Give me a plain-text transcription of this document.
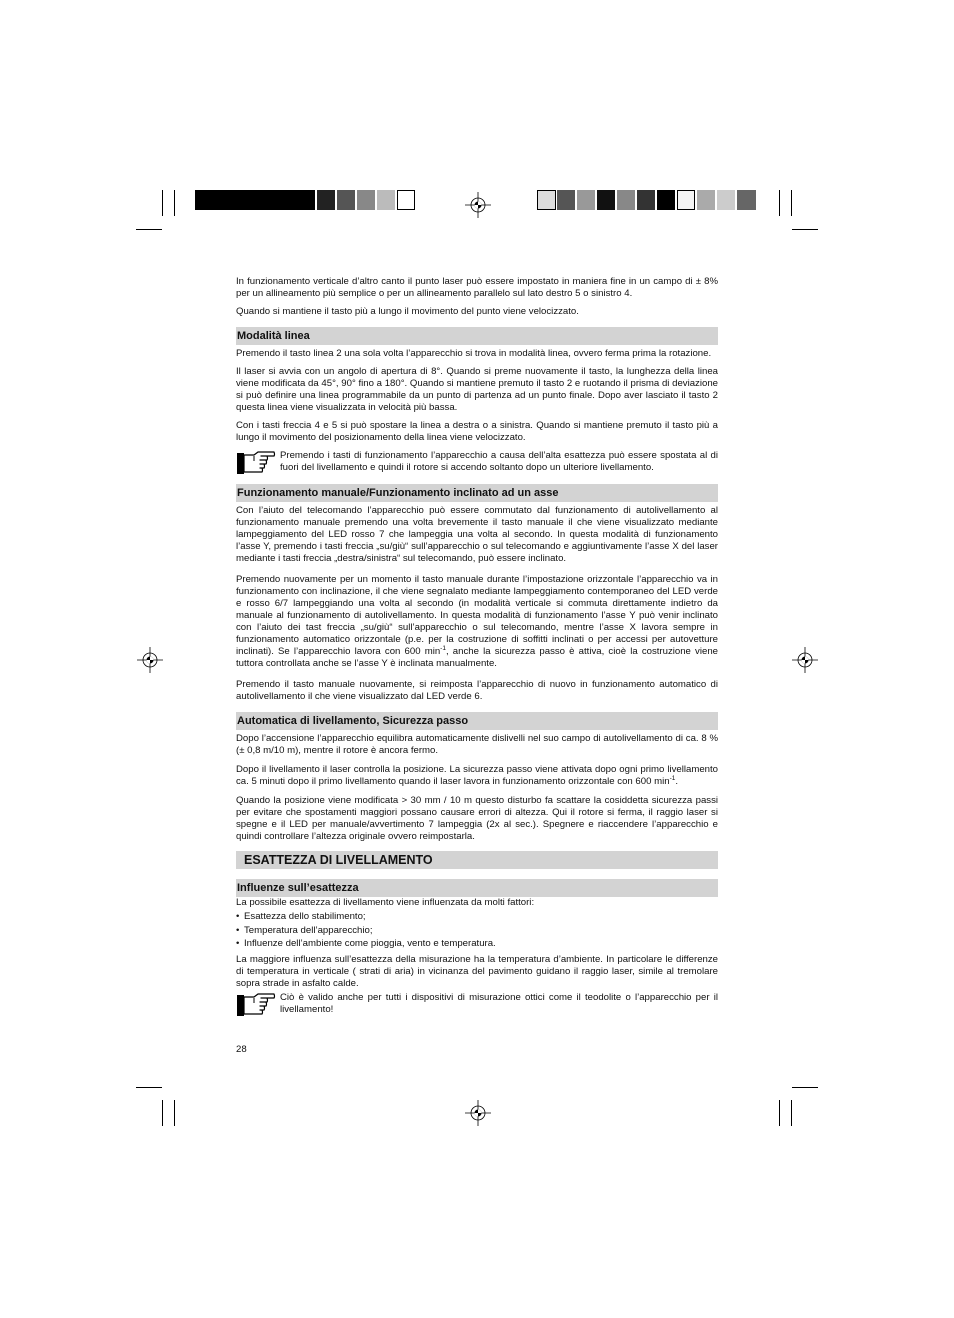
In funzionamento verticale d’altro canto il punto laser può essere impostato in maniera fine in un campo di ± 8% per un allineamento più semplice o per un allineamento parallelo sul lato destro 5 o sinistro 4.

Quando si mantiene il tasto più a lungo il movimento del punto viene velocizzato.

Modalità linea

Premendo il tasto linea 2 una sola volta l’apparecchio si trova in modalità linea, ovvero ferma prima la rotazione.

Il laser si avvia con un angolo di apertura di 8°. Quando si preme nuovamente il tasto, la lunghezza della linea viene modificata da 45°, 90° fino a 180°. Quando si mantiene premuto il tasto 2 e ruotando il prisma di deviazione si può definire una linea programmabile da un punto di partenza ad un punto finale. Dopo aver lasciato il tasto 2 questa linea viene visualizzata in velocità più bassa.

Con i tasti freccia 4 e 5 si può spostare la linea a destra o a sinistra. Quando si mantiene premuto il tasto più a lungo il movimento del posizionamento della linea viene velocizzato.

Premendo i tasti di funzionamento l’apparecchio a causa dell’alta esattezza può essere spostata al di fuori del livellamento e quindi il rotore si accendo soltanto dopo un ulteriore livellamento.

Funzionamento manuale/Funzionamento inclinato ad un asse

Con l’aiuto del telecomando l’apparecchio può essere commutato dal funzionamento di autolivellamento al funzionamento manuale premendo una volta brevemente il tasto manuale il che viene visualizzato mediante lampeggiamento del LED rosso 7 che lampeggia una volta al secondo. In questa modalità di funzionamento l’asse Y, premendo i tasti freccia „su/giù“ sull’apparecchio o sul telecomando e aggiuntivamente l’asse X del laser mediante i tasti freccia „destra/sinistra“ sul telecomando, può essere inclinato.

Premendo nuovamente per un momento il tasto manuale durante l’impostazione orizzontale l’apparecchio va in funzionamento con inclinazione, il che viene segnalato mediante lampeggiamento contemporaneo del LED verde e rosso 6/7 lampeggiando una volta al secondo (in modalità verticale si commuta direttamente indietro da manuale al funzionamento di autolivellamento. In questa modalità di funzionamento l’asse Y può venir inclinato con l’aiuto dei tast freccia „su/giù“ sull’apparecchio o sul telecomando, mentre l’asse X lavora sempre in funzionamento automatico orizzontale (p.e. per la costruzione di soffitti inclinati o per accessi per autovetture inclinati). Se l’apparecchio lavora con 600 $\min^{-1}$, anche la sicurezza passo è attiva, cioè la costruzione viene tuttora controllata anche se l’asse Y è inclinata manualmente.

Premendo il tasto manuale nuovamente, si reimposta l’apparecchio di nuovo in funzionamento automatico di autolivellamento il che viene visualizzato dal LED verde 6.

Automatica di livellamento, Sicurezza passo

Dopo l’accensione l’apparecchio equilibra automaticamente dislivelli nel suo campo di autolivellamento di ca. 8 % (± 0,8 m/10 m), mentre il rotore è ancora fermo.

Dopo il livellamento il laser controlla la posizione. La sicurezza passo viene attivata dopo ogni primo livellamento ca. 5 minuti dopo il primo livellamento quando il laser lavora in funzionamento orizzontale con 600 $\min^{-1}$.

Quando la posizione viene modificata > 30 mm / 10 m questo disturbo fa scattare la cosiddetta sicurezza passi per evitare che spostamenti maggiori possano causare errori di altezza. Qui il rotore si ferma, il raggio laser si spegne e il LED per manuale/avvertimento 7 lampeggia (2x al sec.). Spegnere e riaccendere l’apparecchio e quindi controllare l’altezza originale ovvero reimpostarla.

ESATTEZZA DI LIVELLAMENTO
Influenze sull’esattezza

La possibile esattezza di livellamento viene influenzata da molti fattori:

• Esattezza dello stabilimento;
• Temperatura dell’apparecchio;
• Influenze dell’ambiente come pioggia, vento e temperatura.

La maggiore influenza sull’esattezza della misurazione ha la temperatura d’ambiente. In particolare le differenze di temperatura in verticale ( strati di aria) in vicinanza del pavimento guidano il raggio laser, simile al tremolare sopra strade in asfalto calde.

Ciò è valido anche per tutti i dispositivi di misurazione ottici come il teodolite o l’apparecchio per il livellamento!

28
